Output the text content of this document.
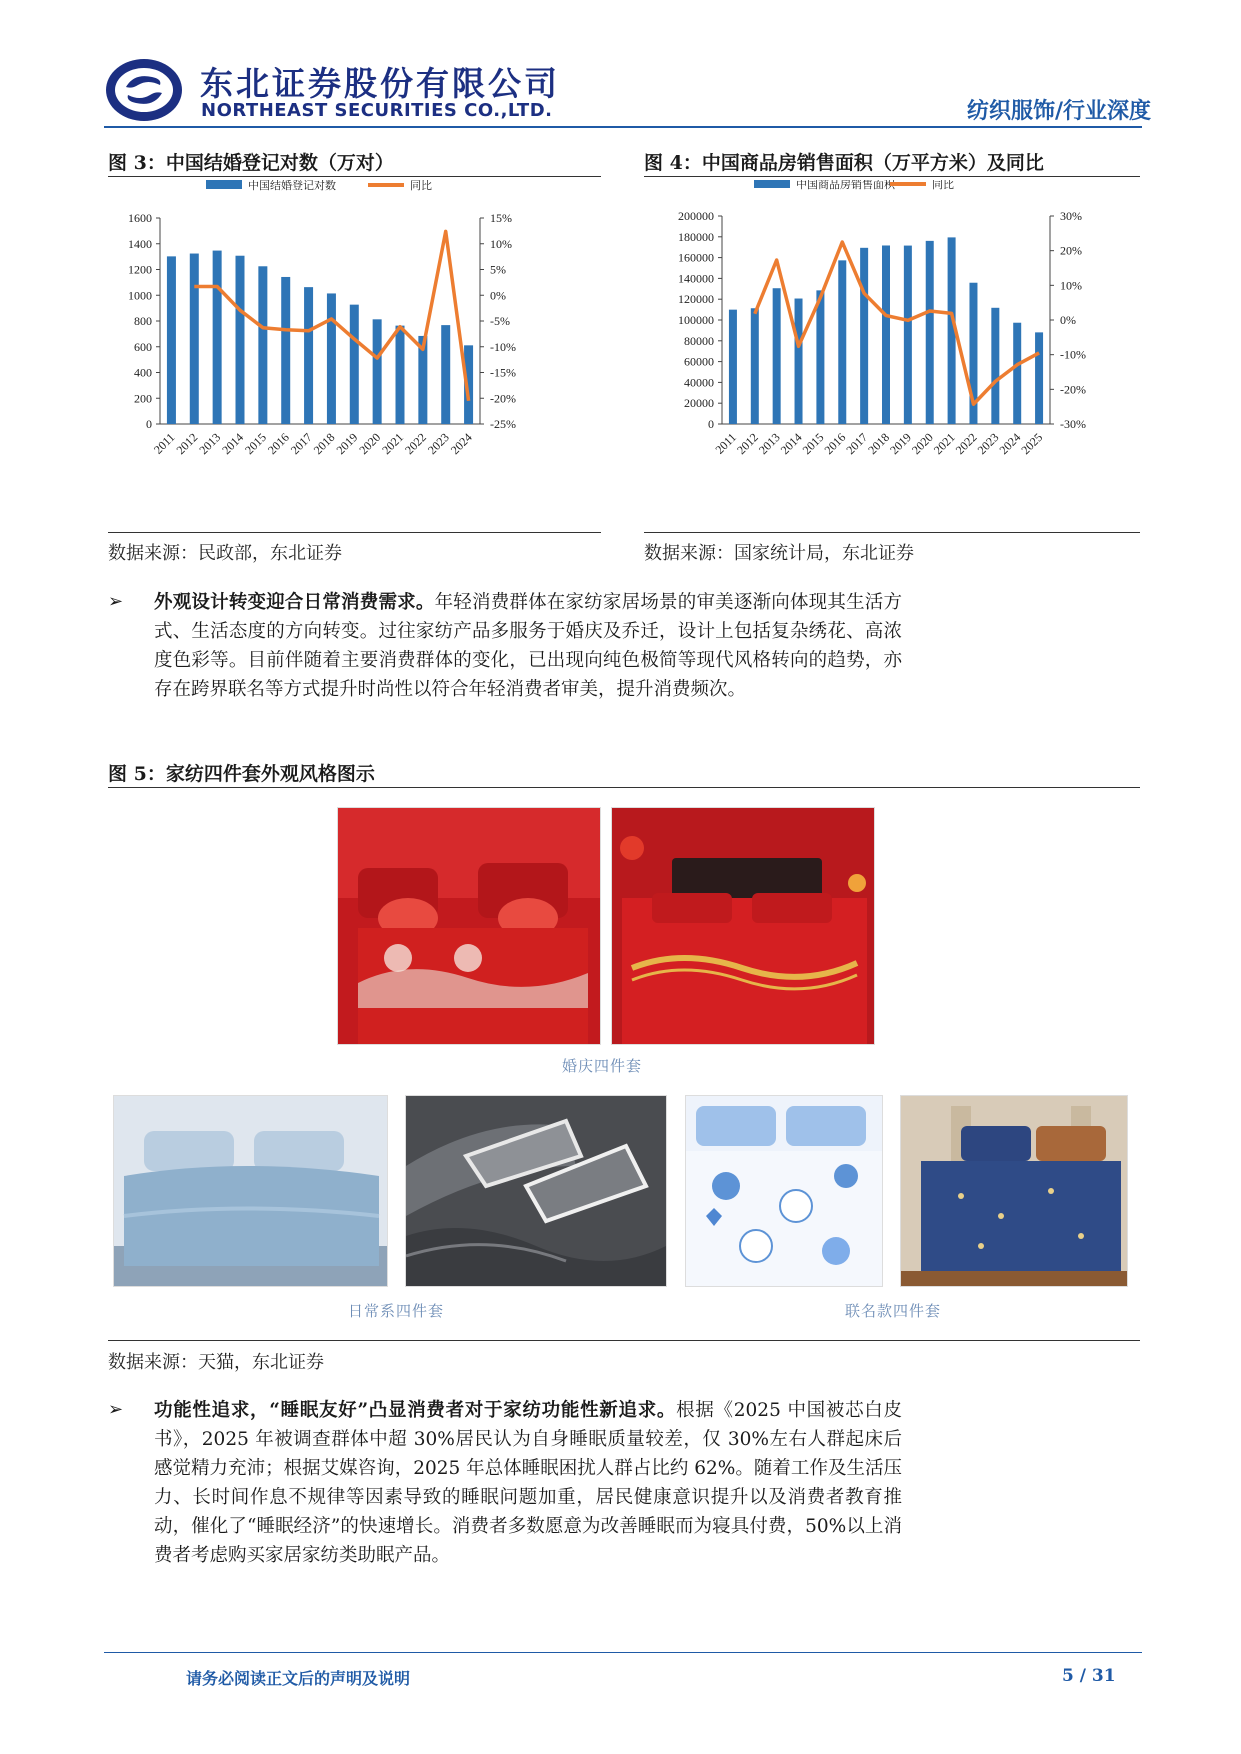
东北证券股份有限公司
NORTHEAST SECURITIES CO.,LTD.	纺织服饰/行业深度
图 3：中国结婚登记对数（万对）
中国结婚登记对数	同比
0
200
400
600
800
1000
1200
1400
1600
-25%
-20%
-15%
-10%
-5%
0%
5%
10%
15%
2011
2012
2013
2014
2015
2016
2017
2018
2019
2020
2021
2022
2023
2024
数据来源：民政部，东北证券
图 4：中国商品房销售面积（万平方米）及同比
中国商品房销售面积	同比
0
20000
40000
60000
80000
100000
120000
140000
160000
180000
200000
-30%
-20%
-10%
0%
10%
20%
30%
2011
2012
2013
2014
2015
2016
2017
2018
2019
2020
2021
2022
2023
2024
2025
数据来源：国家统计局，东北证券
➢ 外观设计转变迎合日常消费需求。年轻消费群体在家纺家居场景的审美逐渐向体现其生活方式、生活态度的方向转变。过往家纺产品多服务于婚庆及乔迁，设计上包括复杂绣花、高浓度色彩等。目前伴随着主要消费群体的变化，已出现向纯色极简等现代风格转向的趋势，亦存在跨界联名等方式提升时尚性以符合年轻消费者审美，提升消费频次。
图 5：家纺四件套外观风格图示
婚庆四件套
日常系四件套	联名款四件套
数据来源：天猫，东北证券
➢ 功能性追求，“睡眠友好”凸显消费者对于家纺功能性新追求。根据《2025 中国被芯白皮书》，2025 年被调查群体中超 30%居民认为自身睡眠质量较差，仅 30%左右人群起床后感觉精力充沛；根据艾媒咨询，2025 年总体睡眠困扰人群占比约 62%。随着工作及生活压力、长时间作息不规律等因素导致的睡眠问题加重，居民健康意识提升以及消费者教育推动，催化了“睡眠经济”的快速增长。消费者多数愿意为改善睡眠而为寝具付费，50%以上消费者考虑购买家居家纺类助眠产品。
请务必阅读正文后的声明及说明	5 / 31
